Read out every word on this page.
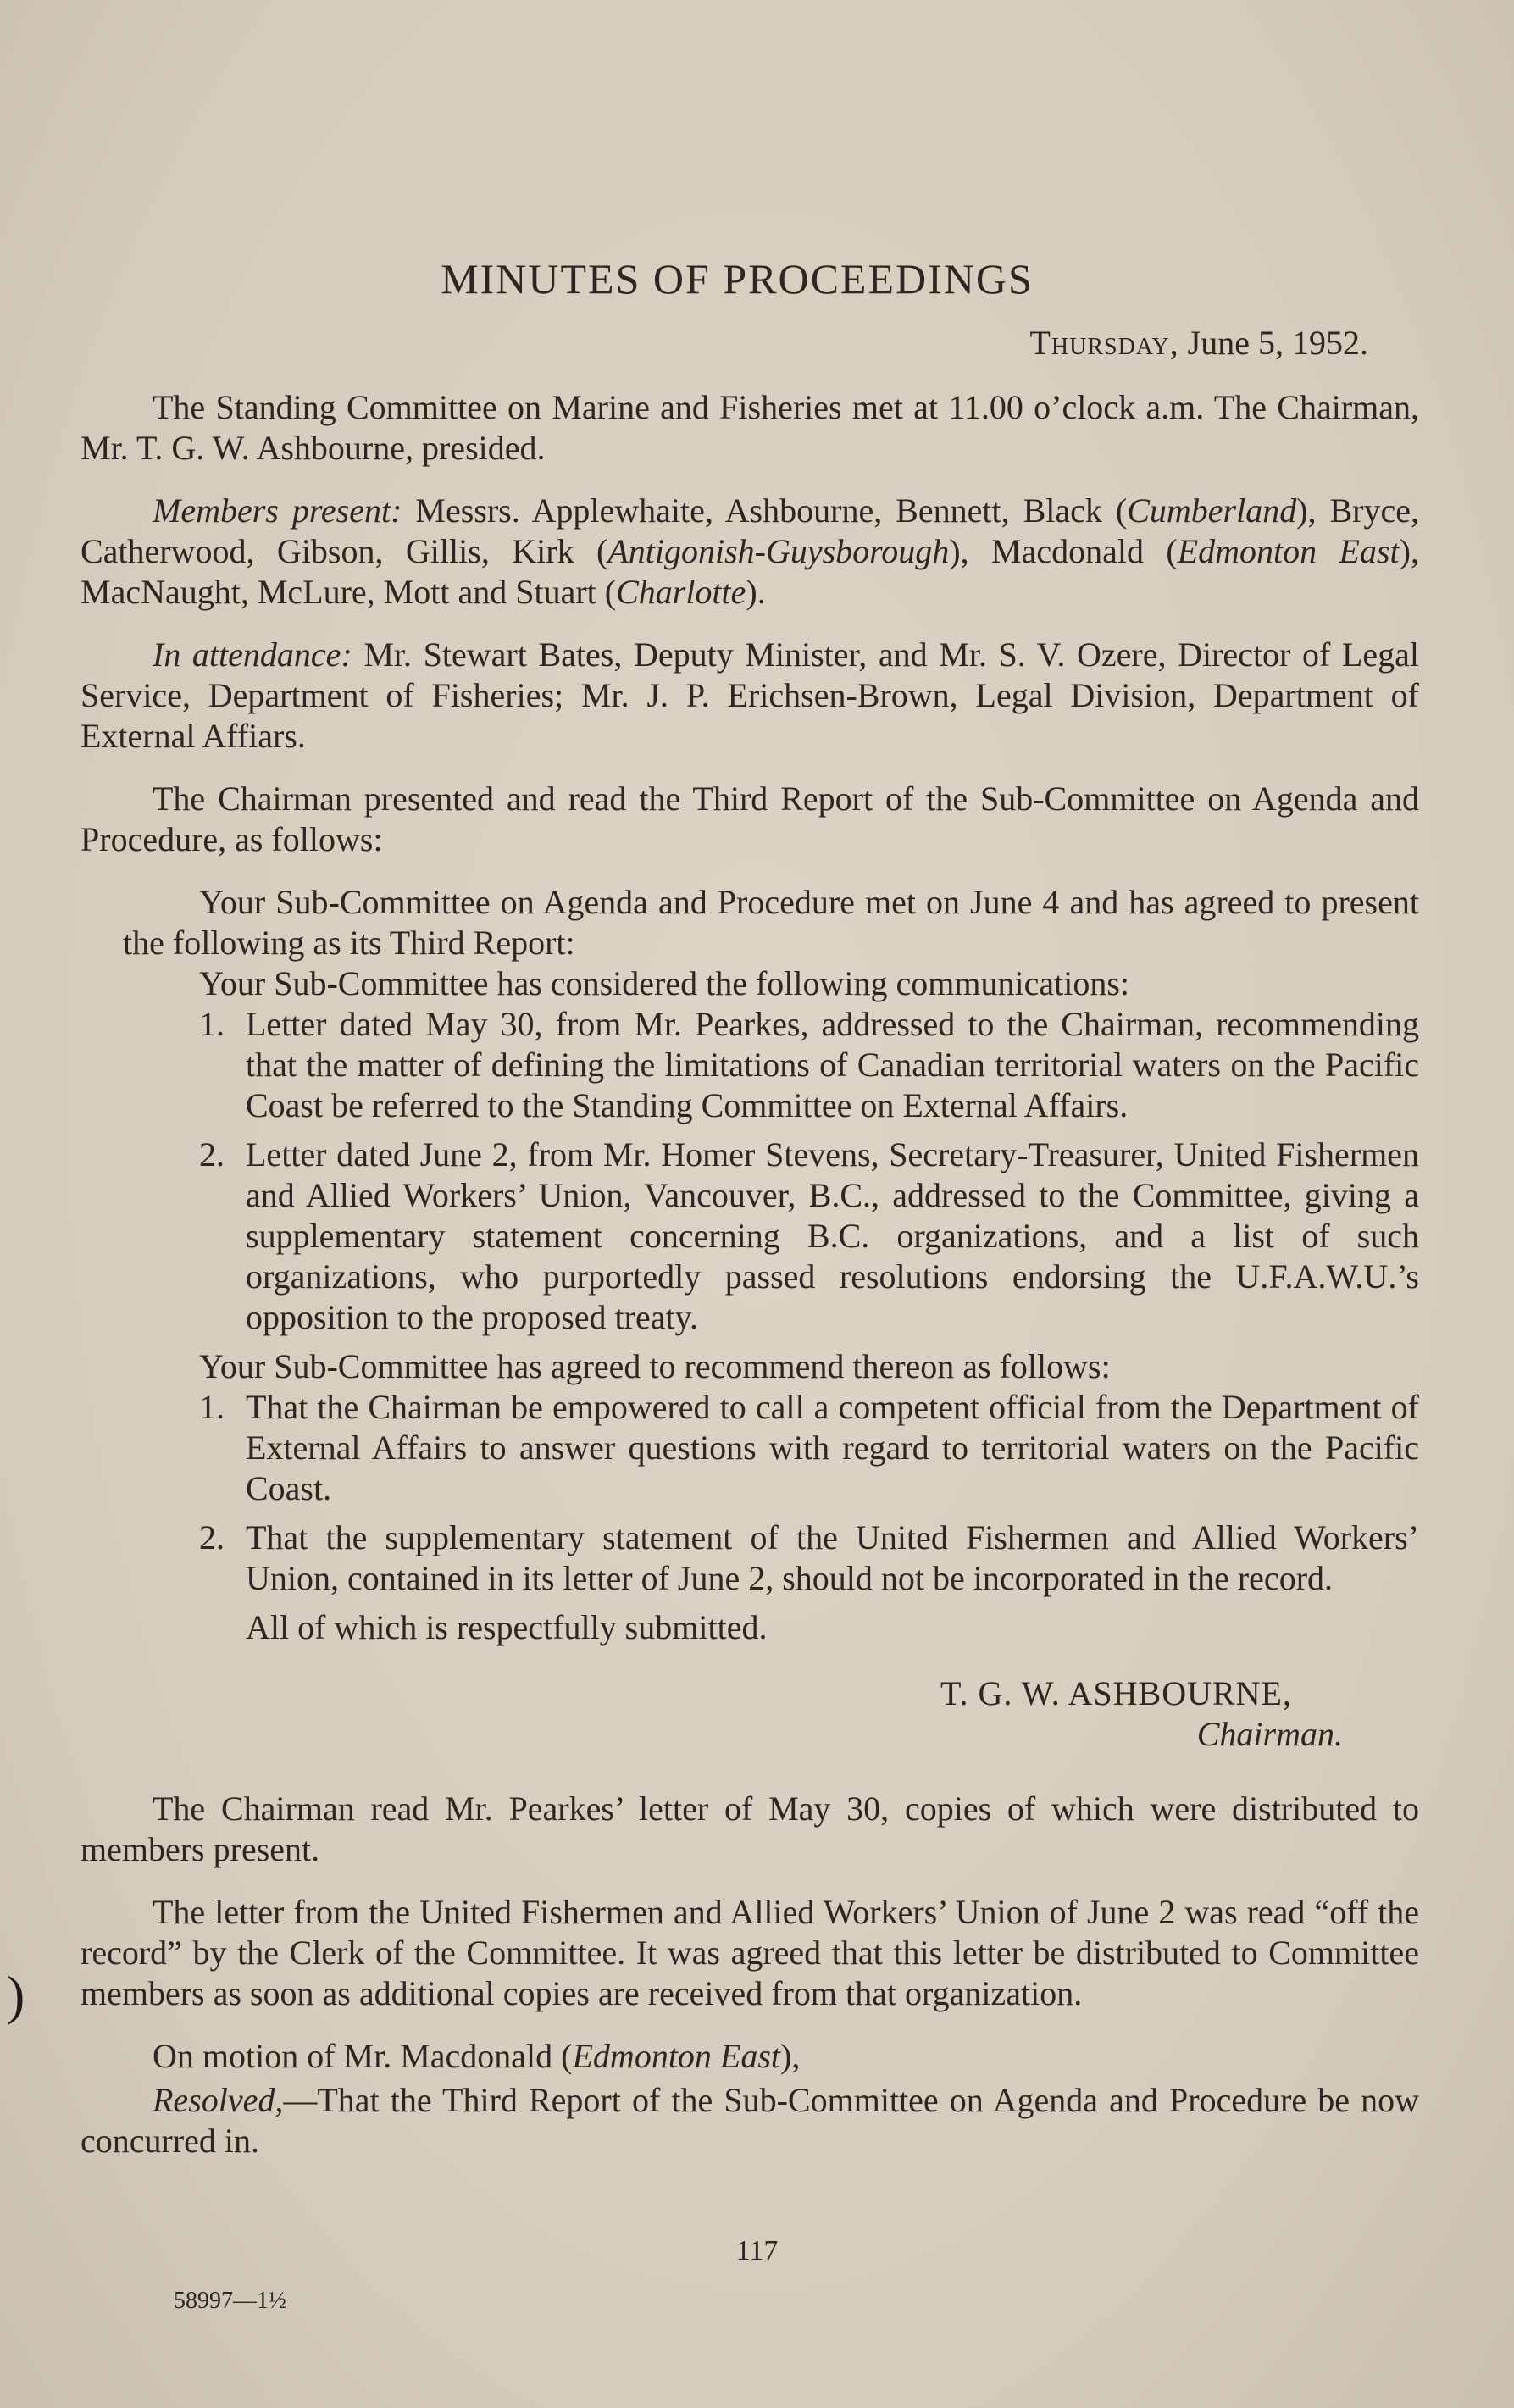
MINUTES OF PROCEEDINGS
Thursday, June 5, 1952.

The Standing Committee on Marine and Fisheries met at 11.00 o’clock a.m. The Chairman, Mr. T. G. W. Ashbourne, presided.

Members present: Messrs. Applewhaite, Ashbourne, Bennett, Black (Cumberland), Bryce, Catherwood, Gibson, Gillis, Kirk (Antigonish-Guysborough), Macdonald (Edmonton East), MacNaught, McLure, Mott and Stuart (Charlotte).

In attendance: Mr. Stewart Bates, Deputy Minister, and Mr. S. V. Ozere, Director of Legal Service, Department of Fisheries; Mr. J. P. Erichsen-Brown, Legal Division, Department of External Affiars.

The Chairman presented and read the Third Report of the Sub-Committee on Agenda and Procedure, as follows:

Your Sub-Committee on Agenda and Procedure met on June 4 and has agreed to present the following as its Third Report:

Your Sub-Committee has considered the following communications:

1. Letter dated May 30, from Mr. Pearkes, addressed to the Chairman, recommending that the matter of defining the limitations of Canadian territorial waters on the Pacific Coast be referred to the Standing Committee on External Affairs.
2. Letter dated June 2, from Mr. Homer Stevens, Secretary-Treasurer, United Fishermen and Allied Workers’ Union, Vancouver, B.C., addressed to the Committee, giving a supplementary statement concerning B.C. organizations, and a list of such organizations, who purportedly passed resolutions endorsing the U.F.A.W.U.’s opposition to the proposed treaty.

Your Sub-Committee has agreed to recommend thereon as follows:

1. That the Chairman be empowered to call a competent official from the Department of External Affairs to answer questions with regard to territorial waters on the Pacific Coast.
2. That the supplementary statement of the United Fishermen and Allied Workers’ Union, contained in its letter of June 2, should not be incorporated in the record.

All of which is respectfully submitted.

T. G. W. ASHBOURNE,
Chairman.

The Chairman read Mr. Pearkes’ letter of May 30, copies of which were distributed to members present.

The letter from the United Fishermen and Allied Workers’ Union of June 2 was read “off the record” by the Clerk of the Committee. It was agreed that this letter be distributed to Committee members as soon as additional copies are received from that organization.

On motion of Mr. Macdonald (Edmonton East),

Resolved,—That the Third Report of the Sub-Committee on Agenda and Procedure be now concurred in.

117
58997—1½
)
